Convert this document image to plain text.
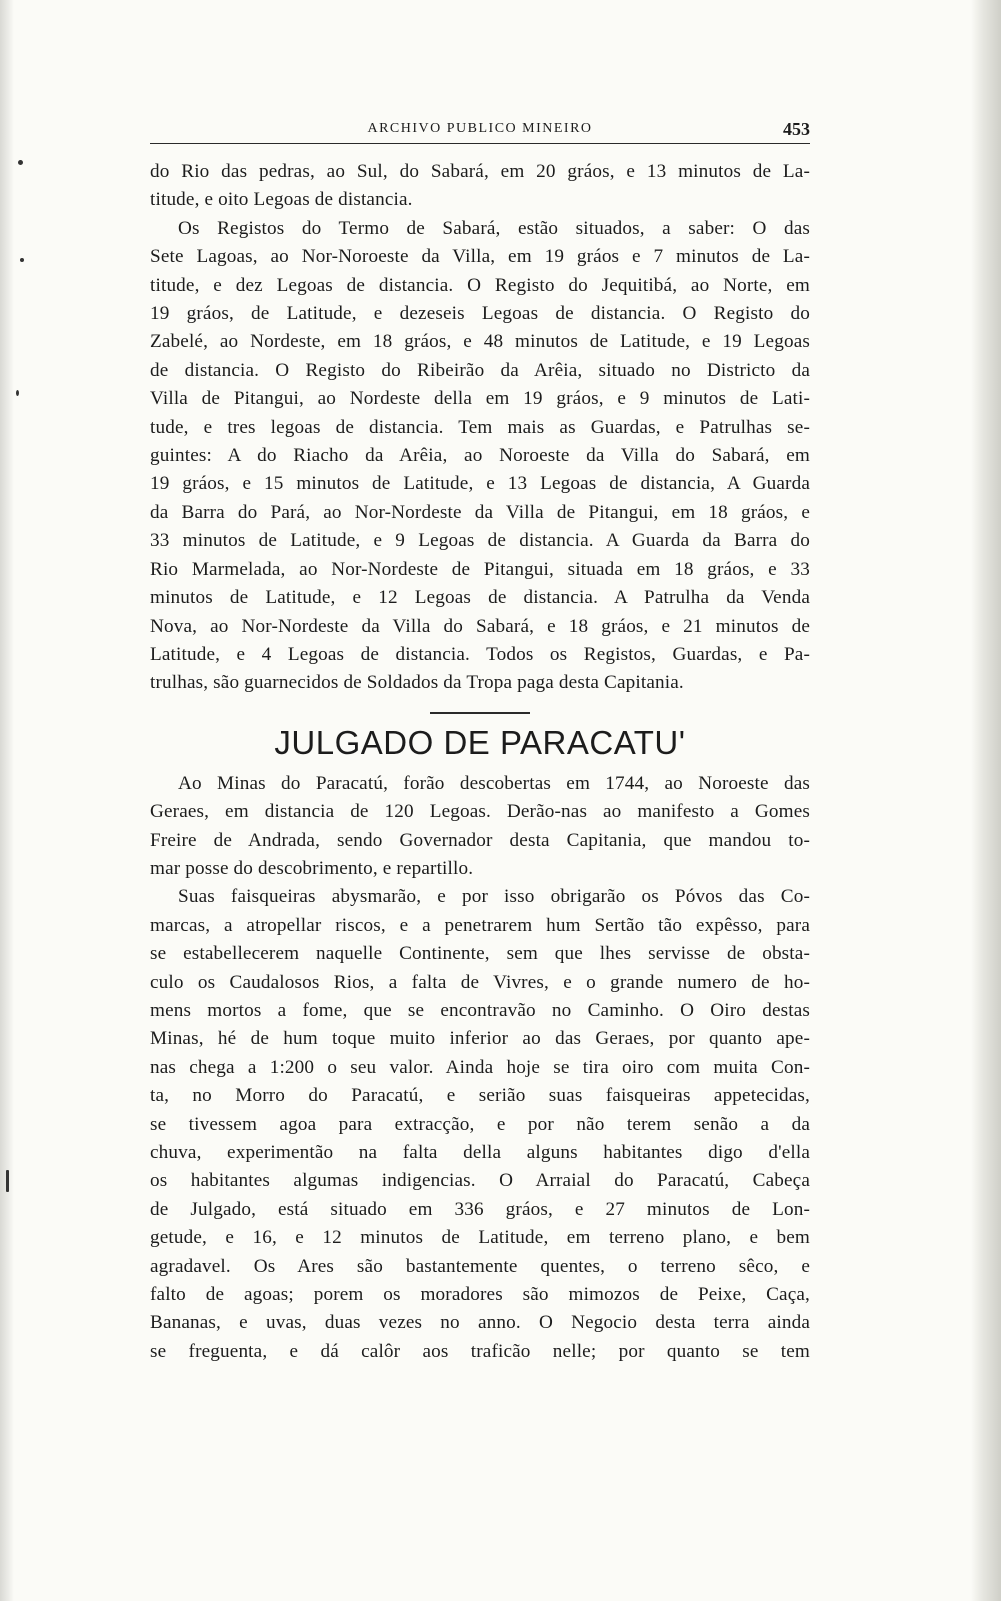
ARCHIVO PUBLICO MINEIRO	453

do Rio das pedras, ao Sul, do Sabará, em 20 gráos, e 13 minutos de La-
titude, e oito Legoas de distancia.

Os Registos do Termo de Sabará, estão situados, a saber: O das
Sete Lagoas, ao Nor-Noroeste da Villa, em 19 gráos e 7 minutos de La-
titude, e dez Legoas de distancia. O Registo do Jequitibá, ao Norte, em
19 gráos, de Latitude, e dezeseis Legoas de distancia. O Registo do
Zabelé, ao Nordeste, em 18 gráos, e 48 minutos de Latitude, e 19 Legoas
de distancia. O Registo do Ribeirão da Arêia, situado no Districto da
Villa de Pitangui, ao Nordeste della em 19 gráos, e 9 minutos de Lati-
tude, e tres legoas de distancia. Tem mais as Guardas, e Patrulhas se-
guintes: A do Riacho da Arêia, ao Noroeste da Villa do Sabará, em
19 gráos, e 15 minutos de Latitude, e 13 Legoas de distancia, A Guarda
da Barra do Pará, ao Nor-Nordeste da Villa de Pitangui, em 18 gráos, e
33 minutos de Latitude, e 9 Legoas de distancia. A Guarda da Barra do
Rio Marmelada, ao Nor-Nordeste de Pitangui, situada em 18 gráos, e 33
minutos de Latitude, e 12 Legoas de distancia. A Patrulha da Venda
Nova, ao Nor-Nordeste da Villa do Sabará, e 18 gráos, e 21 minutos de
Latitude, e 4 Legoas de distancia. Todos os Registos, Guardas, e Pa-
trulhas, são guarnecidos de Soldados da Tropa paga desta Capitania.

JULGADO DE PARACATU'

Ao Minas do Paracatú, forão descobertas em 1744, ao Noroeste das
Geraes, em distancia de 120 Legoas. Derão-nas ao manifesto a Gomes
Freire de Andrada, sendo Governador desta Capitania, que mandou to-
mar posse do descobrimento, e repartillo.

Suas faisqueiras abysmarão, e por isso obrigarão os Póvos das Co-
marcas, a atropellar riscos, e a penetrarem hum Sertão tão expêsso, para
se estabellecerem naquelle Continente, sem que lhes servisse de obsta-
culo os Caudalosos Rios, a falta de Vivres, e o grande numero de ho-
mens mortos a fome, que se encontravão no Caminho. O Oiro destas
Minas, hé de hum toque muito inferior ao das Geraes, por quanto ape-
nas chega a 1:200 o seu valor. Ainda hoje se tira oiro com muita Con-
ta, no Morro do Paracatú, e serião suas faisqueiras appetecidas,
se tivessem agoa para extracção, e por não terem senão a da
chuva, experimentão na falta della alguns habitantes digo d'ella
os habitantes algumas indigencias. O Arraial do Paracatú, Cabeça
de Julgado, está situado em 336 gráos, e 27 minutos de Lon-
getude, e 16, e 12 minutos de Latitude, em terreno plano, e bem
agradavel. Os Ares são bastantemente quentes, o terreno sêco, e
falto de agoas; porem os moradores são mimozos de Peixe, Caça,
Bananas, e uvas, duas vezes no anno. O Negocio desta terra ainda
se freguenta, e dá calôr aos traficão nelle; por quanto se tem
